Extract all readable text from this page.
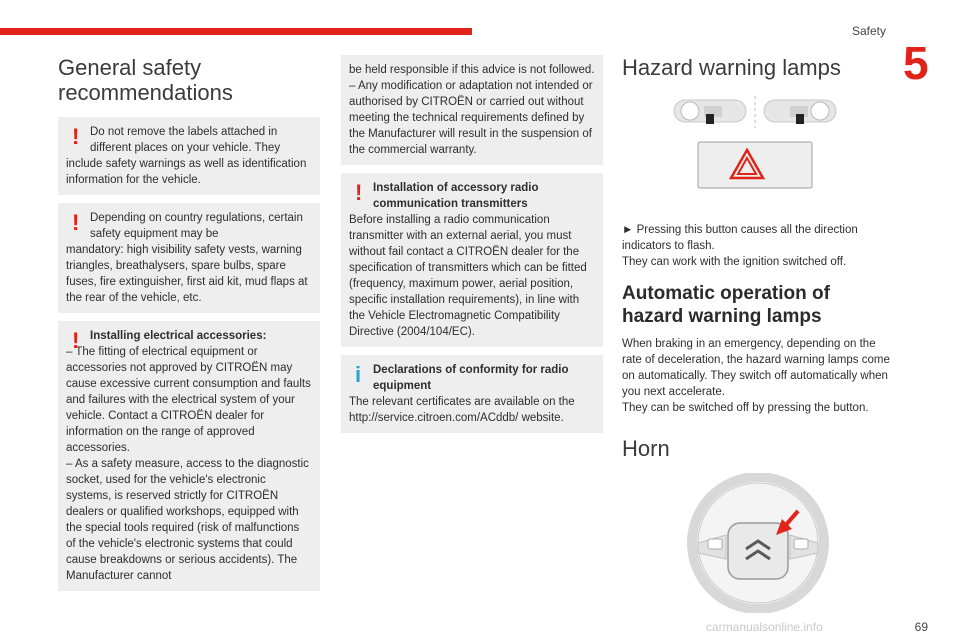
Safety
5
General safety recommendations
! Do not remove the labels attached in different places on your vehicle. They
include safety warnings as well as identification information for the vehicle.
! Depending on country regulations, certain safety equipment may be
mandatory: high visibility safety vests, warning triangles, breathalysers, spare bulbs, spare fuses, fire extinguisher, first aid kit, mud flaps at the rear of the vehicle, etc.
! Installing electrical accessories:
– The fitting of electrical equipment or accessories not approved by CITROËN may cause excessive current consumption and faults and failures with the electrical system of your vehicle. Contact a CITROËN dealer for information on the range of approved accessories.
– As a safety measure, access to the diagnostic socket, used for the vehicle's electronic systems, is reserved strictly for CITROËN dealers or qualified workshops, equipped with the special tools required (risk of malfunctions of the vehicle's electronic systems that could cause breakdowns or serious accidents). The Manufacturer cannot
be held responsible if this advice is not followed.
– Any modification or adaptation not intended or authorised by CITROËN or carried out without meeting the technical requirements defined by the Manufacturer will result in the suspension of the commercial warranty.
! Installation of accessory radio communication transmitters
Before installing a radio communication transmitter with an external aerial, you must without fail contact a CITROËN dealer for the specification of transmitters which can be fitted (frequency, maximum power, aerial position, specific installation requirements), in line with the Vehicle Electromagnetic Compatibility Directive (2004/104/EC).
i	Declarations of conformity for radio equipment
The relevant certificates are available on the http://service.citroen.com/ACddb/ website.
Hazard warning lamps

► Pressing this button causes all the direction indicators to flash.
They can work with the ignition switched off.

Automatic operation of hazard warning lamps

When braking in an emergency, depending on the rate of deceleration, the hazard warning lamps come on automatically. They switch off automatically when you next accelerate.
They can be switched off by pressing the button.

Horn
carmanualsonline.info	69
